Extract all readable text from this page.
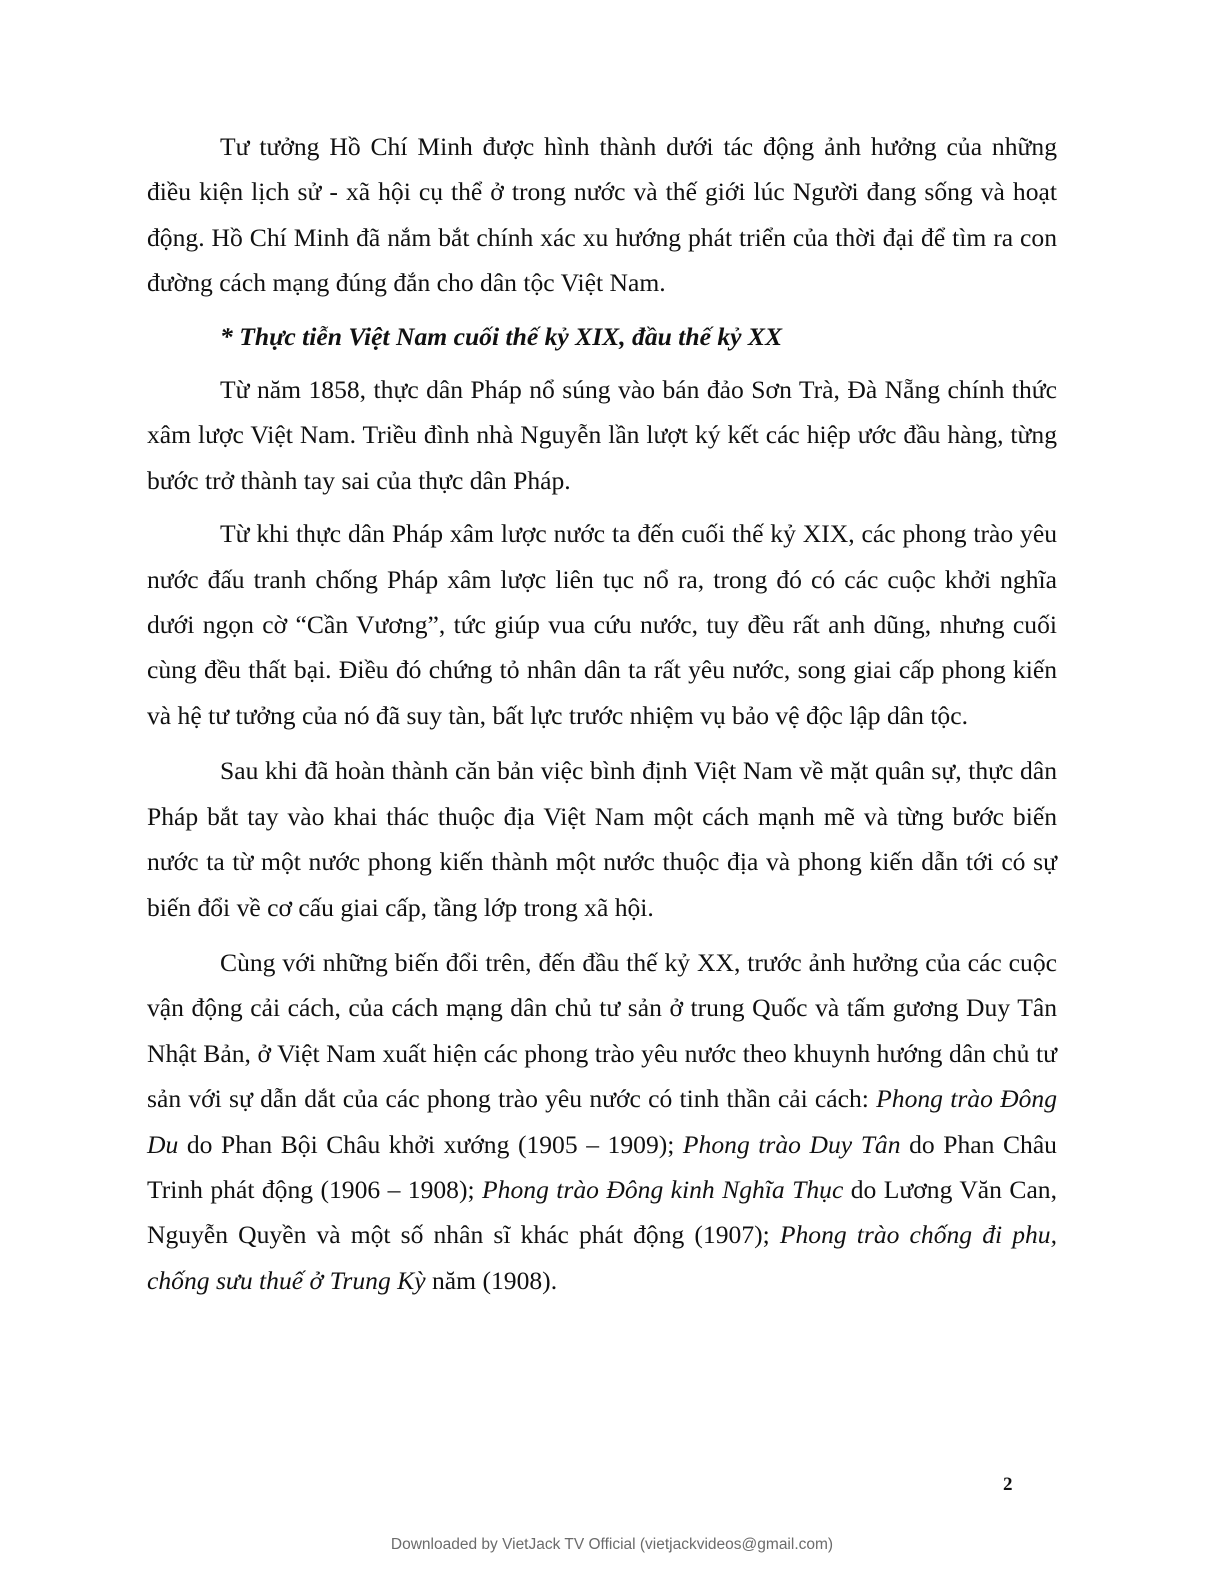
Tư tưởng Hồ Chí Minh được hình thành dưới tác động ảnh hưởng của những điều kiện lịch sử - xã hội cụ thể ở trong nước và thế giới lúc Người đang sống và hoạt động. Hồ Chí Minh đã nắm bắt chính xác xu hướng phát triển của thời đại để tìm ra con đường cách mạng đúng đắn cho dân tộc Việt Nam.

* Thực tiễn Việt Nam cuối thế kỷ XIX, đầu thế kỷ XX

Từ năm 1858, thực dân Pháp nổ súng vào bán đảo Sơn Trà, Đà Nẵng chính thức xâm lược Việt Nam. Triều đình nhà Nguyễn lần lượt ký kết các hiệp ước đầu hàng, từng bước trở thành tay sai của thực dân Pháp.

Từ khi thực dân Pháp xâm lược nước ta đến cuối thế kỷ XIX, các phong trào yêu nước đấu tranh chống Pháp xâm lược liên tục nổ ra, trong đó có các cuộc khởi nghĩa dưới ngọn cờ “Cần Vương”, tức giúp vua cứu nước, tuy đều rất anh dũng, nhưng cuối cùng đều thất bại. Điều đó chứng tỏ nhân dân ta rất yêu nước, song giai cấp phong kiến và hệ tư tưởng của nó đã suy tàn, bất lực trước nhiệm vụ bảo vệ độc lập dân tộc.

Sau khi đã hoàn thành căn bản việc bình định Việt Nam về mặt quân sự, thực dân Pháp bắt tay vào khai thác thuộc địa Việt Nam một cách mạnh mẽ và từng bước biến nước ta từ một nước phong kiến thành một nước thuộc địa và phong kiến dẫn tới có sự biến đổi về cơ cấu giai cấp, tầng lớp trong xã hội.

Cùng với những biến đổi trên, đến đầu thế kỷ XX, trước ảnh hưởng của các cuộc vận động cải cách, của cách mạng dân chủ tư sản ở trung Quốc và tấm gương Duy Tân Nhật Bản, ở Việt Nam xuất hiện các phong trào yêu nước theo khuynh hướng dân chủ tư sản với sự dẫn dắt của các phong trào yêu nước có tinh thần cải cách: Phong trào Đông Du do Phan Bội Châu khởi xướng (1905 – 1909); Phong trào Duy Tân do Phan Châu Trinh phát động (1906 – 1908); Phong trào Đông kinh Nghĩa Thục do Lương Văn Can, Nguyễn Quyền và một số nhân sĩ khác phát động (1907); Phong trào chống đi phu, chống sưu thuế ở Trung Kỳ năm (1908).

2
Downloaded by VietJack TV Official (vietjackvideos@gmail.com)
